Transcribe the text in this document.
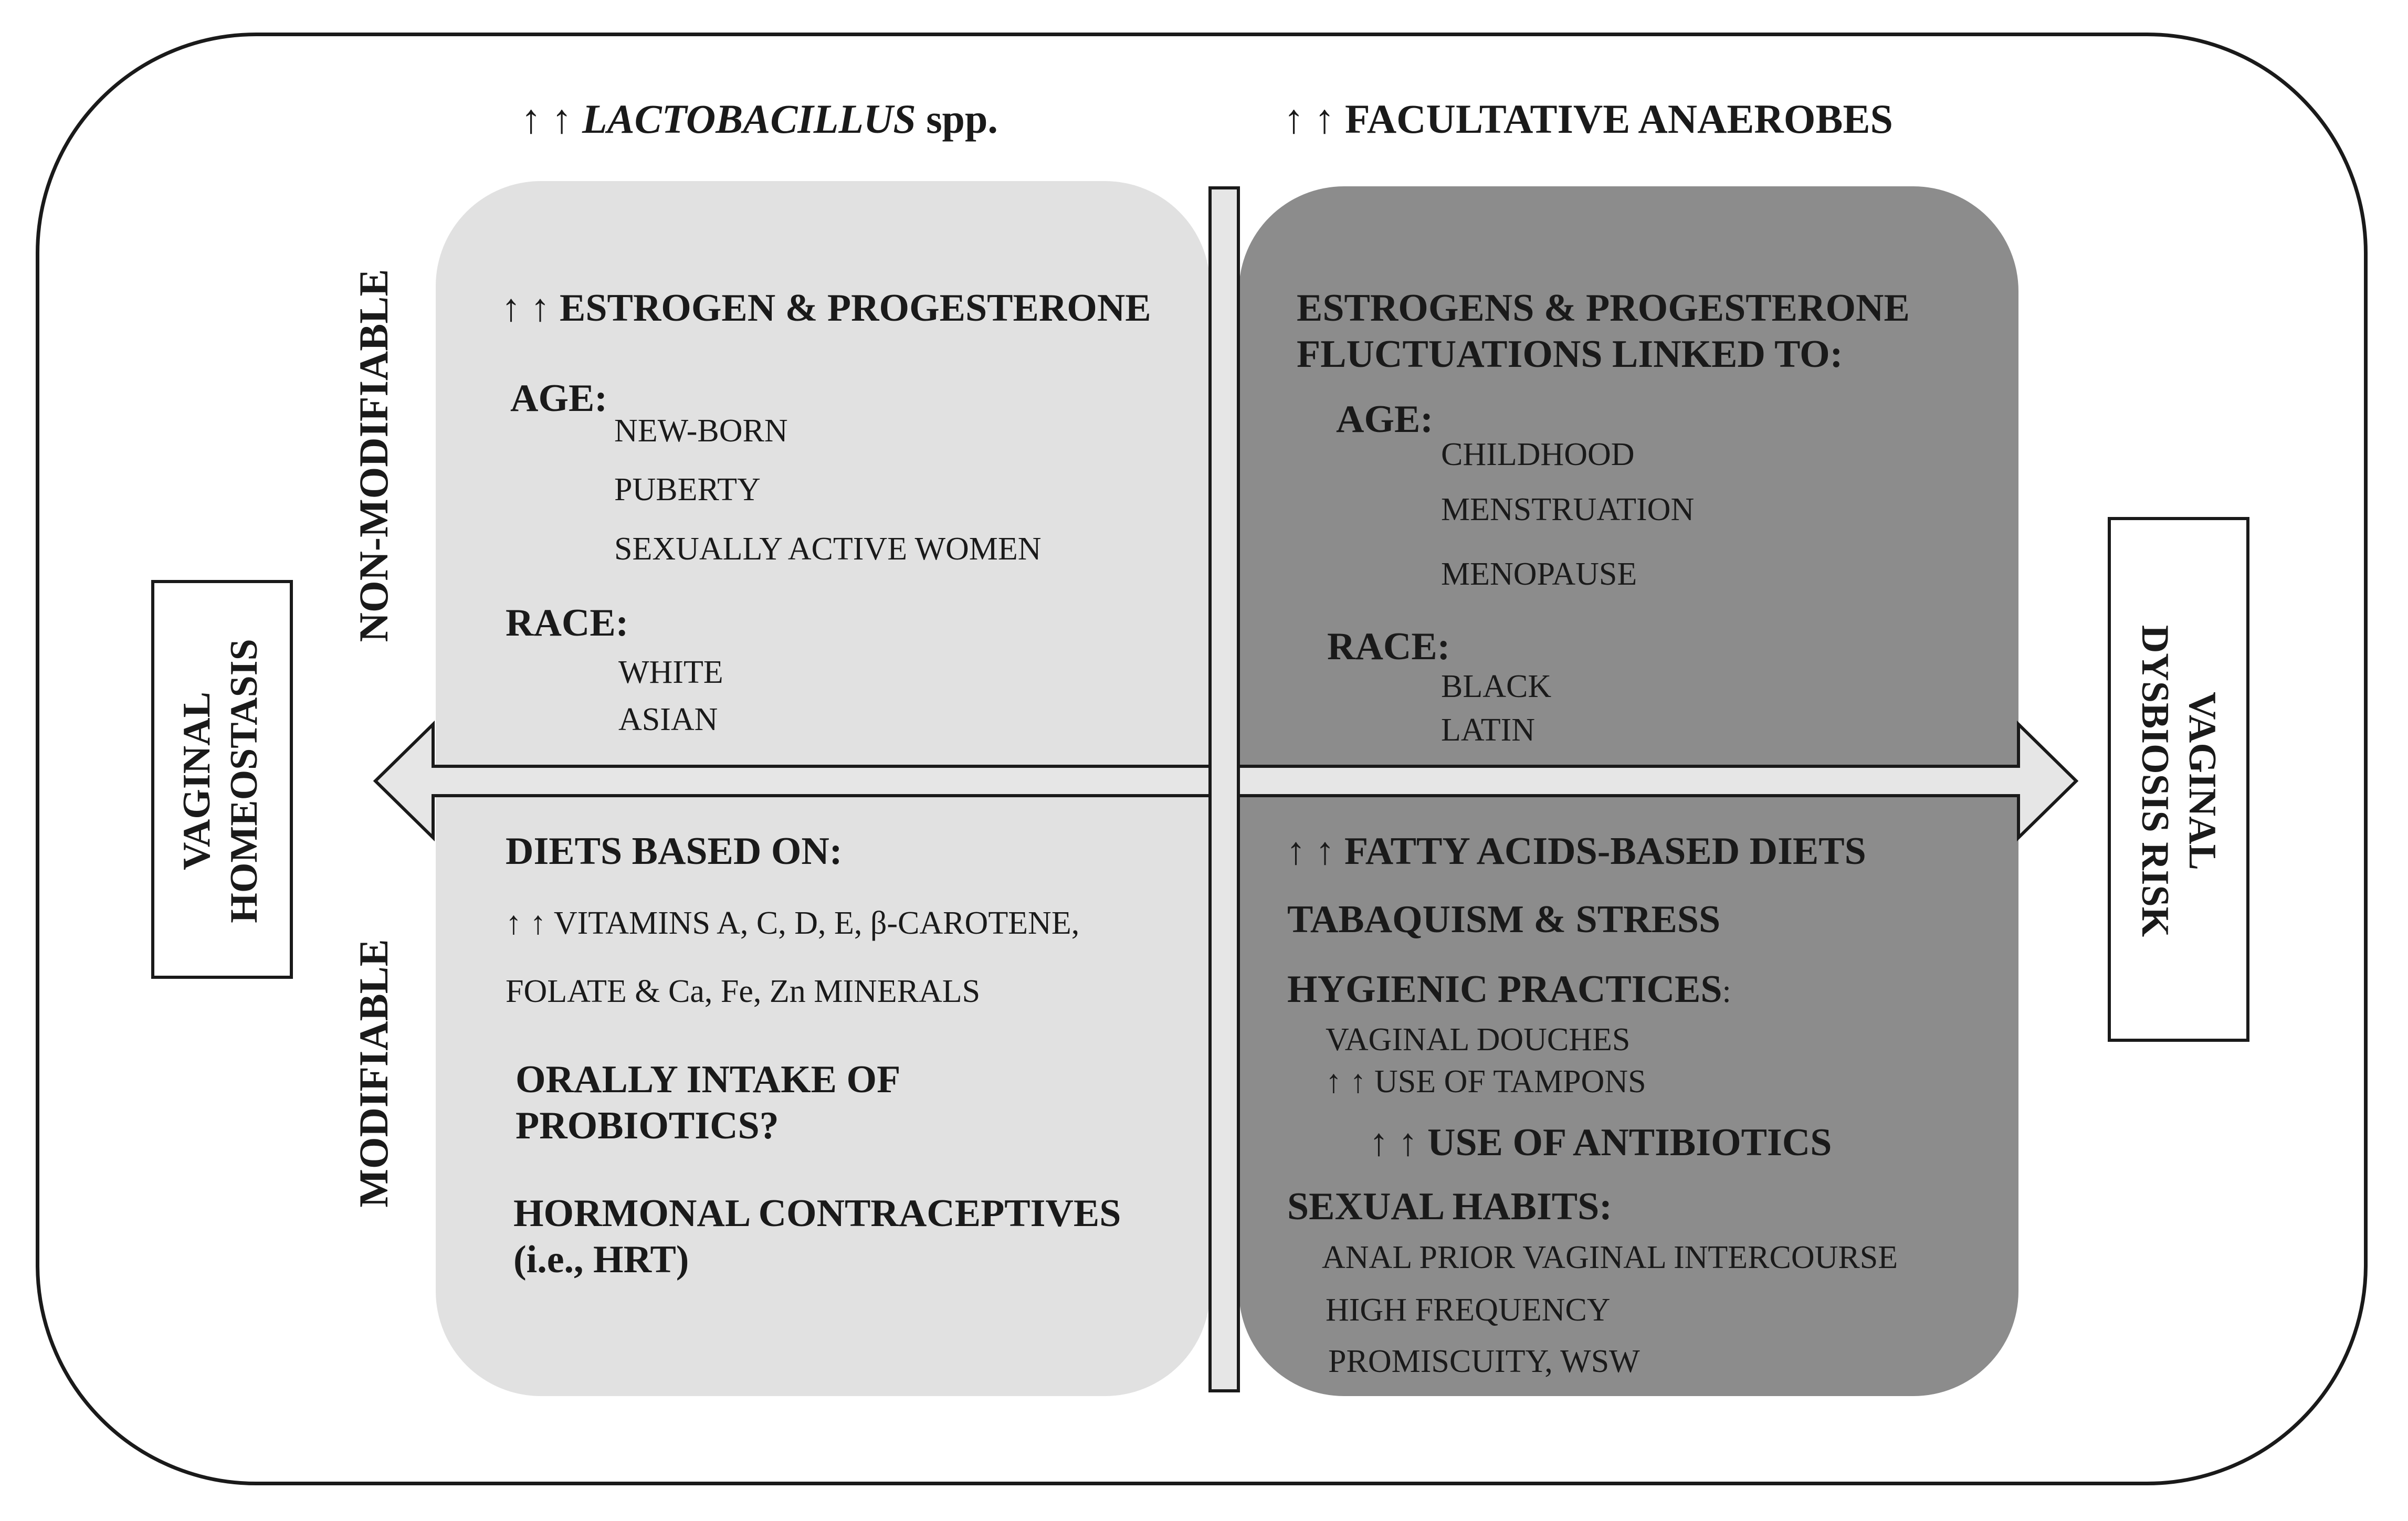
↑ ↑ LACTOBACILLUS spp.	↑ ↑ FACULTATIVE ANAEROBES
VAGINAL HOMEOSTASIS	VAGINAL
DYSBIOSIS RISK
NON-MODIFIABLE
MODIFIABLE
↑ ↑ ESTROGEN & PROGESTERONE
AGE:
NEW-BORN
PUBERTY
SEXUALLY ACTIVE WOMEN
RACE:
WHITE
ASIAN
ESTROGENS & PROGESTERONE
FLUCTUATIONS LINKED TO:
AGE:
CHILDHOOD
MENSTRUATION
MENOPAUSE
RACE:
BLACK
LATIN
DIETS BASED ON:
↑ ↑ VITAMINS A, C, D, E, β-CAROTENE,
FOLATE & Ca, Fe, Zn MINERALS
ORALLY INTAKE OF
PROBIOTICS?
HORMONAL CONTRACEPTIVES
(i.e., HRT)
↑ ↑ FATTY ACIDS-BASED DIETS
TABAQUISM & STRESS
HYGIENIC PRACTICES:
VAGINAL DOUCHES
↑ ↑ USE OF TAMPONS
↑ ↑ USE OF ANTIBIOTICS
SEXUAL HABITS:
ANAL PRIOR VAGINAL INTERCOURSE
HIGH FREQUENCY
PROMISCUITY, WSW
